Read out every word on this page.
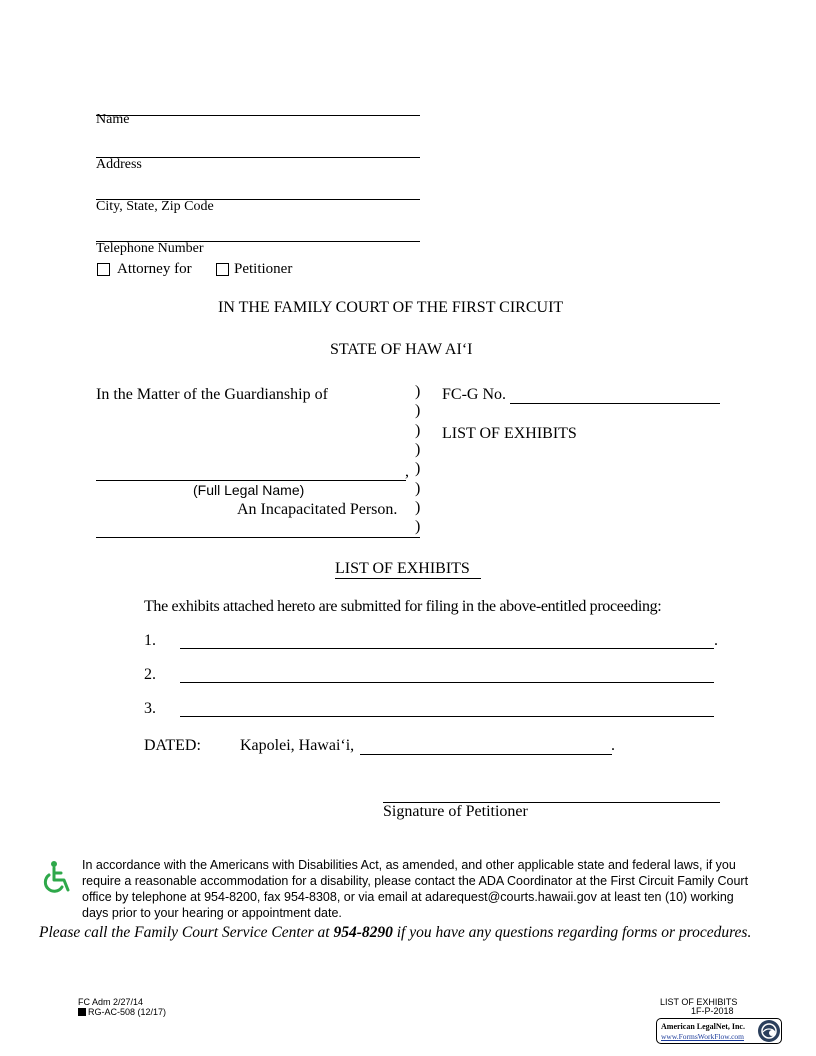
Name
Address
City, State, Zip Code
Telephone Number
Attorney for	Petitioner
IN THE FAMILY COURT OF THE FIRST CIRCUIT
STATE OF HAW AI‘I
In the Matter of the Guardianship of
,
(Full Legal Name)
An Incapacitated Person.
)
)
)
)
)
)
)
)
FC-G No.
LIST OF EXHIBITS
LIST OF EXHIBITS
The exhibits attached hereto are submitted for filing in the above-entitled proceeding:
1.	.
2.
3.
DATED: Kapolei, Hawai‘i,	.
Signature of Petitioner
In accordance with the Americans with Disabilities Act, as amended, and other applicable state and federal laws, if you
require a reasonable accommodation for a disability, please contact the ADA Coordinator at the First Circuit Family Court
office by telephone at 954-8200, fax 954-8308, or via email at adarequest@courts.hawaii.gov at least ten (10) working
days prior to your hearing or appointment date.
Please call the Family Court Service Center at 954-8290 if you have any questions regarding forms or procedures.
FC Adm 2/27/14
RG-AC-508 (12/17)
LIST OF EXHIBITS
1F-P-2018
American LegalNet, Inc.
www.FormsWorkFlow.com
